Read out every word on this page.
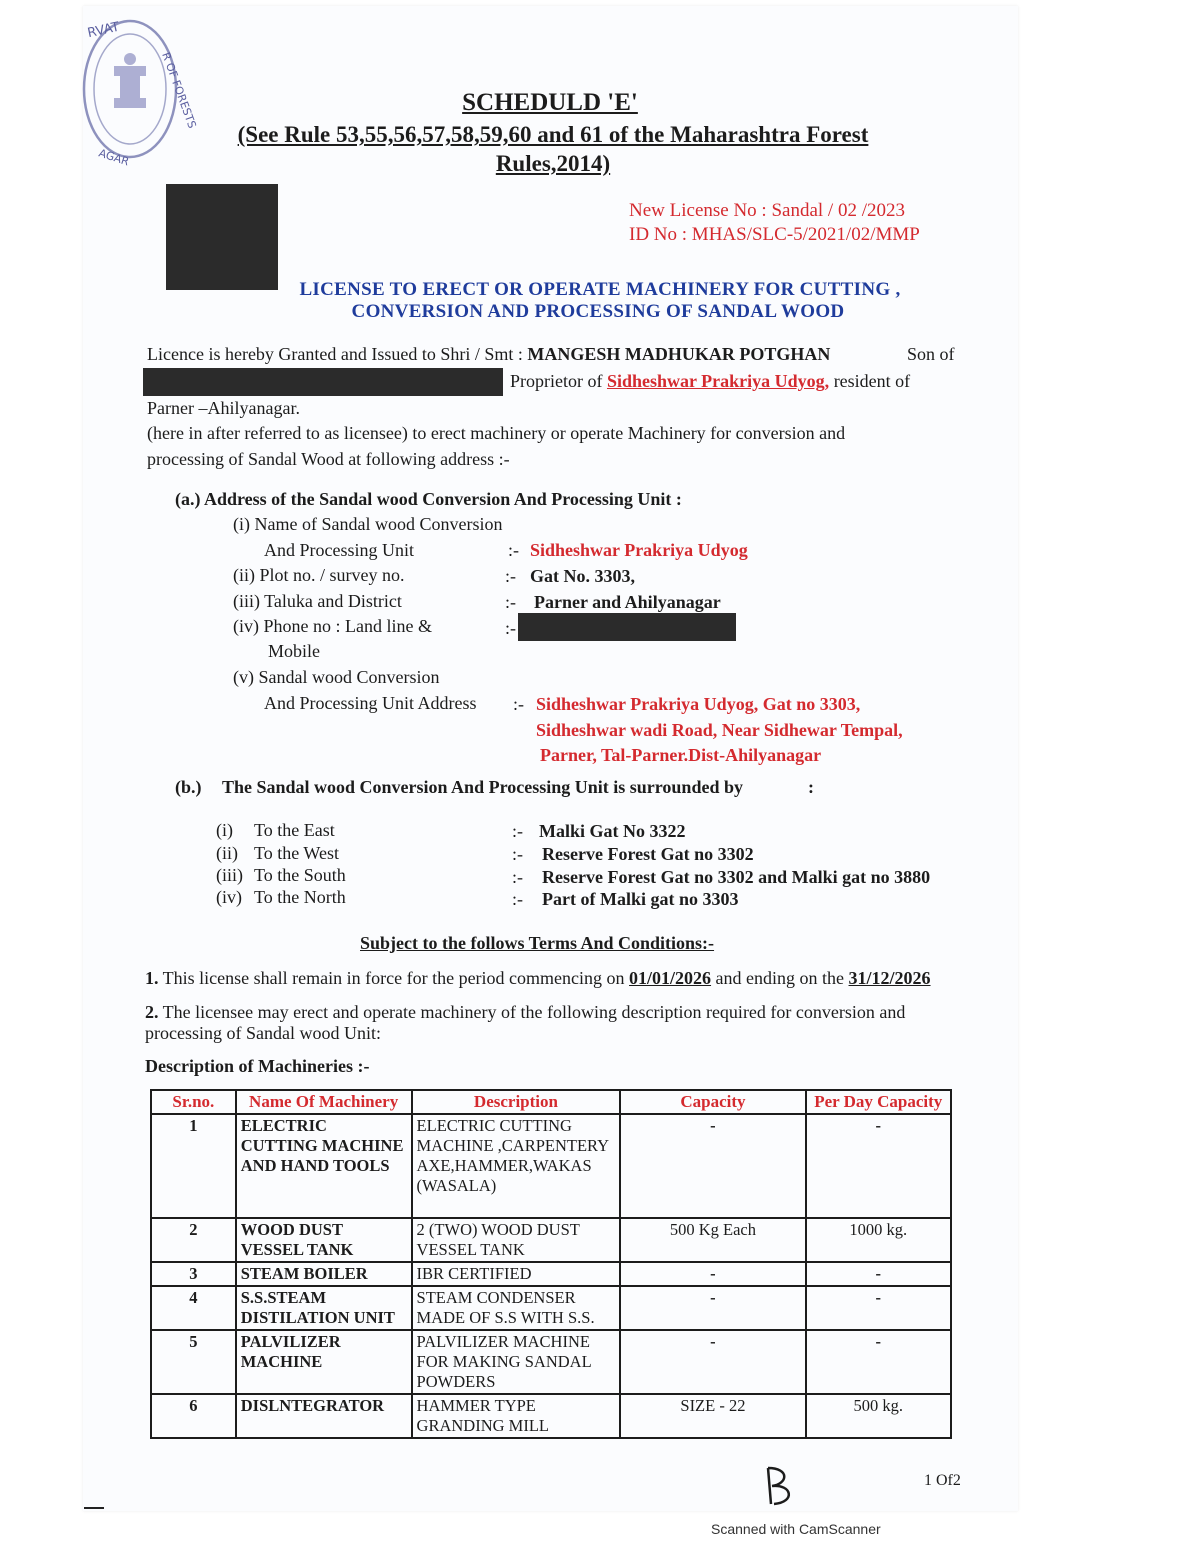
RVAT
R OF FORESTS
AGAR
SCHEDULD 'E'
(See Rule 53,55,56,57,58,59,60 and 61 of the Maharashtra Forest
Rules,2014)
New License No : Sandal / 02 /2023
ID No : MHAS/SLC-5/2021/02/MMP
LICENSE TO ERECT OR OPERATE MACHINERY FOR CUTTING ,
CONVERSION AND PROCESSING OF SANDAL WOOD
Licence is hereby Granted and Issued to Shri / Smt : MANGESH MADHUKAR POTGHAN	Son of
Proprietor of Sidheshwar Prakriya Udyog, resident of
Parner –Ahilyanagar.
(here in after referred to as licensee) to erect machinery or operate Machinery for conversion and
processing of Sandal Wood at following address :-
(a.) Address of the Sandal wood Conversion And Processing Unit :
(i) Name of Sandal wood Conversion
And Processing Unit	:- Sidheshwar Prakriya Udyog
(ii) Plot no. / survey no.	:- Gat No. 3303,
(iii) Taluka and District	:- Parner and Ahilyanagar
(iv) Phone no : Land line &	:-
Mobile
(v) Sandal wood Conversion
And Processing Unit Address :- Sidheshwar Prakriya Udyog, Gat no 3303,
Sidheshwar wadi Road, Near Sidhewar Tempal,
Parner, Tal-Parner.Dist-Ahilyanagar
(b.) The Sandal wood Conversion And Processing Unit is surrounded by	:
(i) To the East	:- Malki Gat No 3322
(ii) To the West	:- Reserve Forest Gat no 3302
(iii) To the South	:- Reserve Forest Gat no 3302 and Malki gat no 3880
(iv) To the North	:- Part of Malki gat no 3303
Subject to the follows Terms And Conditions:-
1. This license shall remain in force for the period commencing on 01/01/2026 and ending on the 31/12/2026
2. The licensee may erect and operate machinery of the following description required for conversion and
processing of Sandal wood Unit:
Description of Machineries :-
Sr.no.	Name Of Machinery	Description	Capacity	Per Day Capacity
1	ELECTRIC CUTTING MACHINE AND HAND TOOLS	ELECTRIC CUTTING MACHINE ,CARPENTERY AXE,HAMMER,WAKAS (WASALA)	-	-
2	WOOD DUST VESSEL TANK	2 (TWO) WOOD DUST VESSEL TANK	500 Kg Each	1000 kg.
3	STEAM BOILER	IBR CERTIFIED	-	-
4	S.S.STEAM DISTILATION UNIT	STEAM CONDENSER MADE OF S.S WITH S.S.	-	-
5	PALVILIZER MACHINE	PALVILIZER MACHINE FOR MAKING SANDAL POWDERS	-	-
6	DISLNTEGRATOR	HAMMER TYPE GRANDING MILL	SIZE - 22	500 kg.
1 Of2
Scanned with CamScanner
